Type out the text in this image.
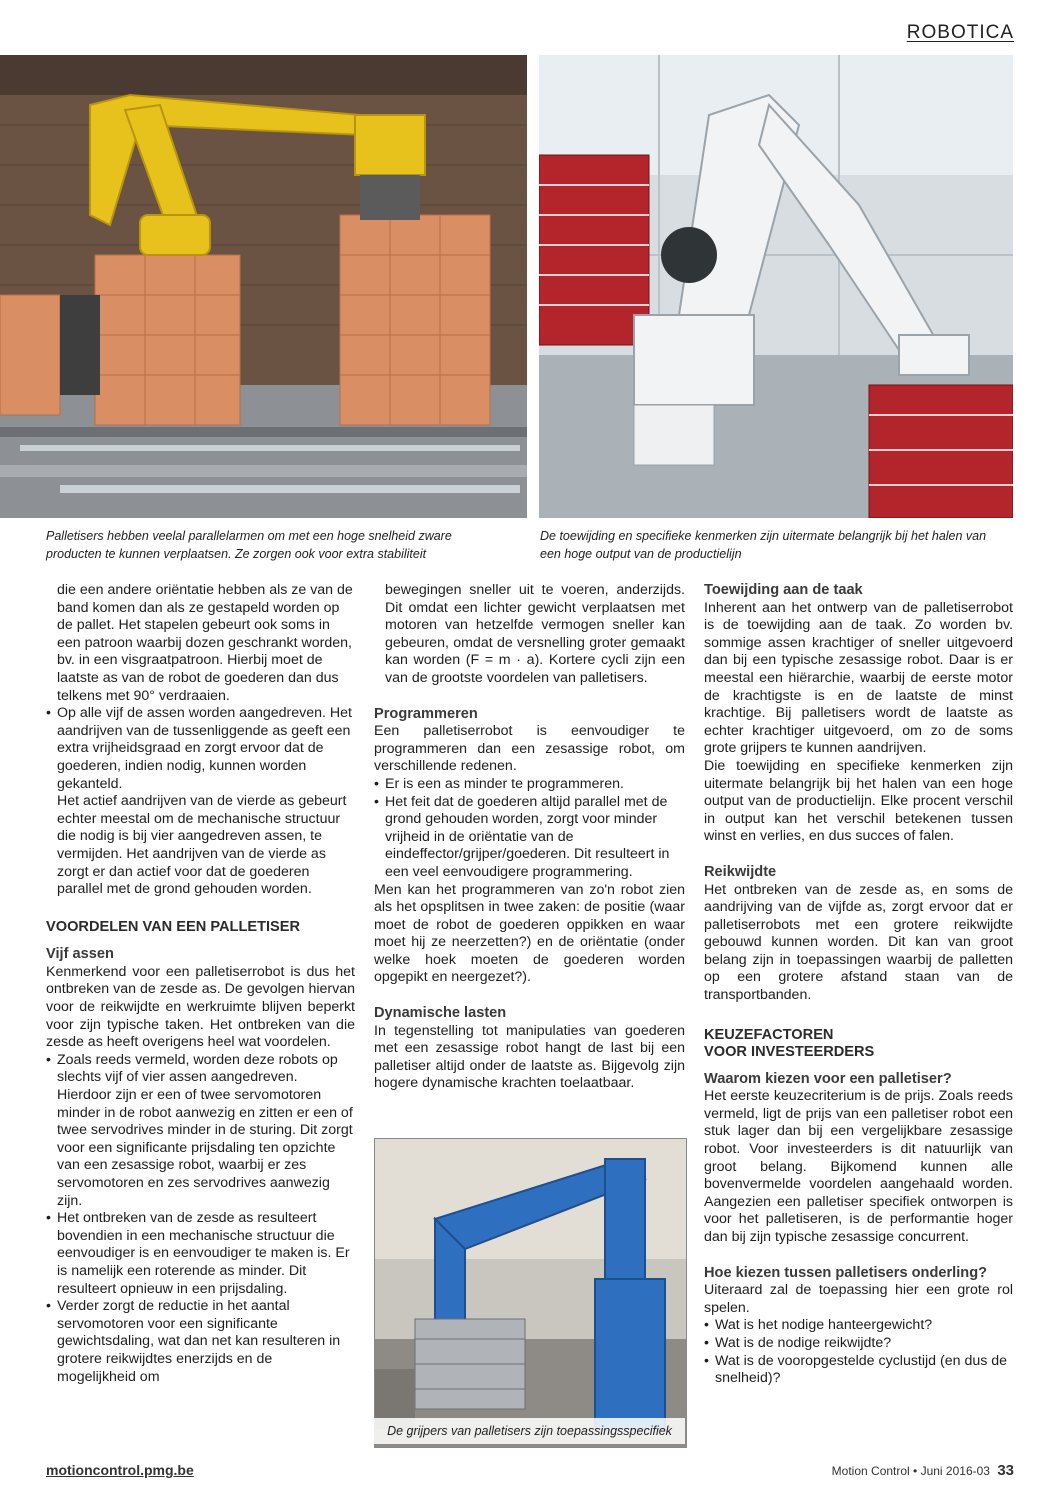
ROBOTICA
Palletisers hebben veelal parallelarmen om met een hoge snelheid zware producten te kunnen verplaatsen. Ze zorgen ook voor extra stabiliteit
De toewijding en specifieke kenmerken zijn uitermate belangrijk bij het halen van een hoge output van de productielijn

die een andere oriëntatie hebben als ze van de band komen dan als ze gestapeld worden op de pallet. Het stapelen gebeurt ook soms in een patroon waarbij dozen geschrankt worden, bv. in een visgraatpatroon. Hierbij moet de laatste as van de robot de goederen dan dus telkens met 90° verdraaien.

• Op alle vijf de assen worden aangedreven. Het aandrijven van de tussenliggende as geeft een extra vrijheidsgraad en zorgt ervoor dat de goederen, indien nodig, kunnen worden gekanteld.

Het actief aandrijven van de vierde as gebeurt echter meestal om de mechanische structuur die nodig is bij vier aangedreven assen, te vermijden. Het aandrijven van de vierde as zorgt er dan actief voor dat de goederen parallel met de grond gehouden worden.

VOORDELEN VAN EEN PALLETISER
Vijf assen

Kenmerkend voor een palletiserrobot is dus het ontbreken van de zesde as. De gevolgen hiervan voor de reikwijdte en werkruimte blijven beperkt voor zijn typische taken. Het ontbreken van die zesde as heeft overigens heel wat voordelen.

• Zoals reeds vermeld, worden deze robots op slechts vijf of vier assen aangedreven. Hierdoor zijn er een of twee servomotoren minder in de robot aanwezig en zitten er een of twee servodrives minder in de sturing. Dit zorgt voor een significante prijsdaling ten opzichte van een zesassige robot, waarbij er zes servomotoren en zes servodrives aanwezig zijn.
• Het ontbreken van de zesde as resulteert bovendien in een mechanische structuur die eenvoudiger is en eenvoudiger te maken is. Er is namelijk een roterende as minder. Dit resulteert opnieuw in een prijsdaling.
• Verder zorgt de reductie in het aantal servomotoren voor een significante gewichtsdaling, wat dan net kan resulteren in grotere reikwijdtes enerzijds en de mogelijkheid om

bewegingen sneller uit te voeren, anderzijds. Dit omdat een lichter gewicht verplaatsen met motoren van hetzelfde vermogen sneller kan gebeuren, omdat de versnelling groter gemaakt kan worden (F = m · a). Kortere cycli zijn een van de grootste voordelen van palletisers.

Programmeren

Een palletiserrobot is eenvoudiger te programmeren dan een zesassige robot, om verschillende redenen.

• Er is een as minder te programmeren.
• Het feit dat de goederen altijd parallel met de grond gehouden worden, zorgt voor minder vrijheid in de oriëntatie van de eindeffector/grijper/goederen. Dit resulteert in een veel eenvoudigere programmering.

Men kan het programmeren van zo'n robot zien als het opsplitsen in twee zaken: de positie (waar moet de robot de goederen oppikken en waar moet hij ze neerzetten?) en de oriëntatie (onder welke hoek moeten de goederen worden opgepikt en neergezet?).

Dynamische lasten

In tegenstelling tot manipulaties van goederen met een zesassige robot hangt de last bij een palletiser altijd onder de laatste as. Bijgevolg zijn hogere dynamische krachten toelaatbaar.

De grijpers van palletisers zijn toepassingsspecifiek
Toewijding aan de taak

Inherent aan het ontwerp van de palletiserrobot is de toewijding aan de taak. Zo worden bv. sommige assen krachtiger of sneller uitgevoerd dan bij een typische zesassige robot. Daar is er meestal een hiërarchie, waarbij de eerste motor de krachtigste is en de laatste de minst krachtige. Bij palletisers wordt de laatste as echter krachtiger uitgevoerd, om zo de soms grote grijpers te kunnen aandrijven.

Die toewijding en specifieke kenmerken zijn uitermate belangrijk bij het halen van een hoge output van de productielijn. Elke procent verschil in output kan het verschil betekenen tussen winst en verlies, en dus succes of falen.

Reikwijdte

Het ontbreken van de zesde as, en soms de aandrijving van de vijfde as, zorgt ervoor dat er palletiserrobots met een grotere reikwijdte gebouwd kunnen worden. Dit kan van groot belang zijn in toepassingen waarbij de palletten op een grotere afstand staan van de transportbanden.

KEUZEFACTOREN
VOOR INVESTEERDERS
Waarom kiezen voor een palletiser?

Het eerste keuzecriterium is de prijs. Zoals reeds vermeld, ligt de prijs van een palletiser robot een stuk lager dan bij een vergelijkbare zesassige robot. Voor investeerders is dit natuurlijk van groot belang. Bijkomend kunnen alle bovenvermelde voordelen aangehaald worden. Aangezien een palletiser specifiek ontworpen is voor het palletiseren, is de performantie hoger dan bij zijn typische zesassige concurrent.

Hoe kiezen tussen palletisers onderling?

Uiteraard zal de toepassing hier een grote rol spelen.

• Wat is het nodige hanteergewicht?
• Wat is de nodige reikwijdte?
• Wat is de vooropgestelde cyclustijd (en dus de snelheid)?
motioncontrol.pmg.be	Motion Control • Juni 2016-03 33
